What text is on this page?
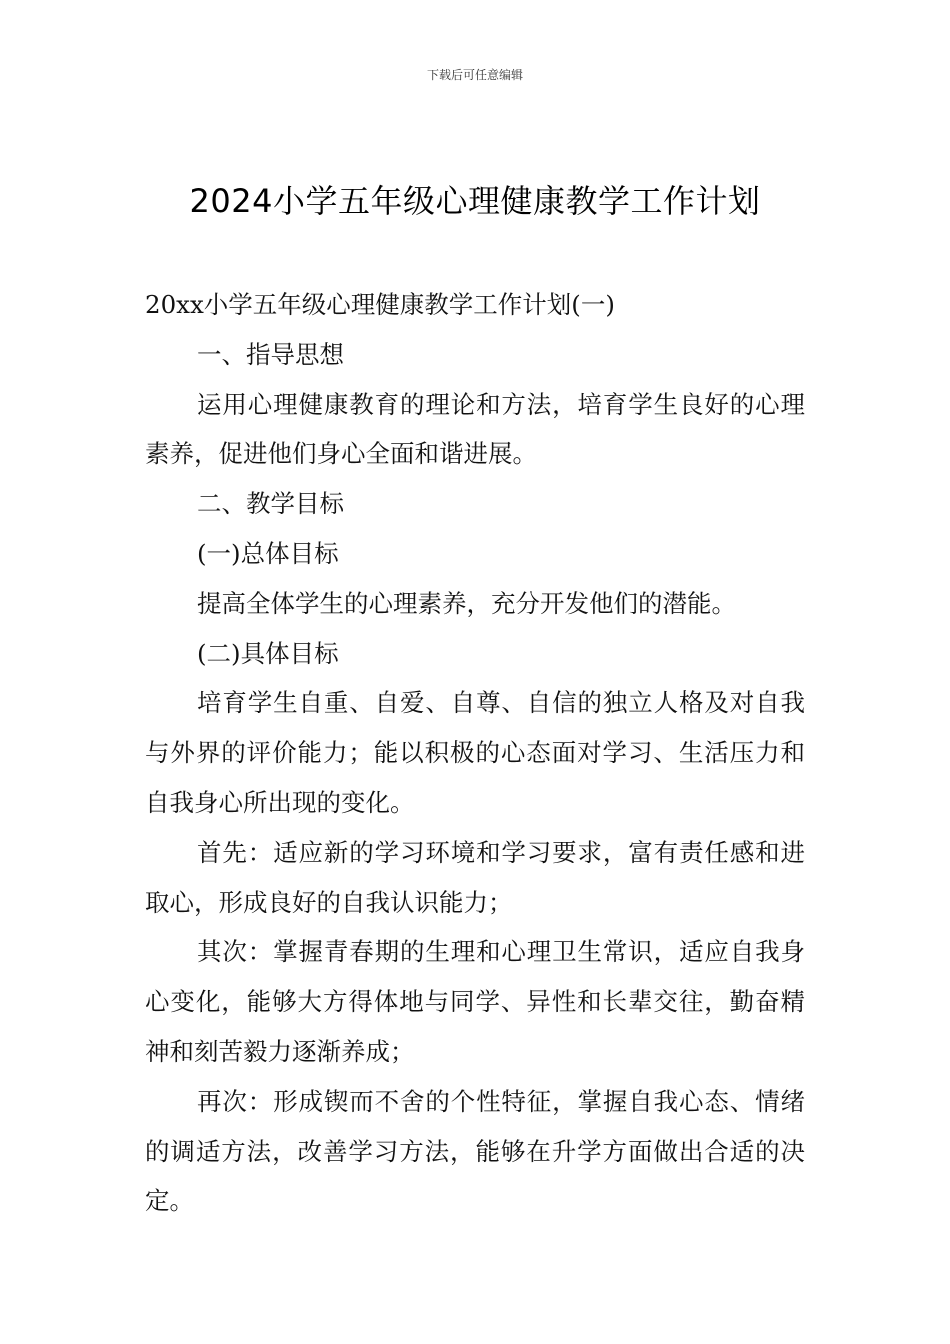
下载后可任意编辑
2024小学五年级心理健康教学工作计划

20xx小学五年级心理健康教学工作计划(一)

一、指导思想

运用心理健康教育的理论和方法，培育学生良好的心理素养，促进他们身心全面和谐进展。

二、教学目标

(一)总体目标

提高全体学生的心理素养，充分开发他们的潜能。

(二)具体目标

培育学生自重、自爱、自尊、自信的独立人格及对自我与外界的评价能力；能以积极的心态面对学习、生活压力和自我身心所出现的变化。

首先：适应新的学习环境和学习要求，富有责任感和进取心，形成良好的自我认识能力；

其次：掌握青春期的生理和心理卫生常识，适应自我身心变化，能够大方得体地与同学、异性和长辈交往，勤奋精神和刻苦毅力逐渐养成；

再次：形成锲而不舍的个性特征，掌握自我心态、情绪的调适方法，改善学习方法，能够在升学方面做出合适的决定。
